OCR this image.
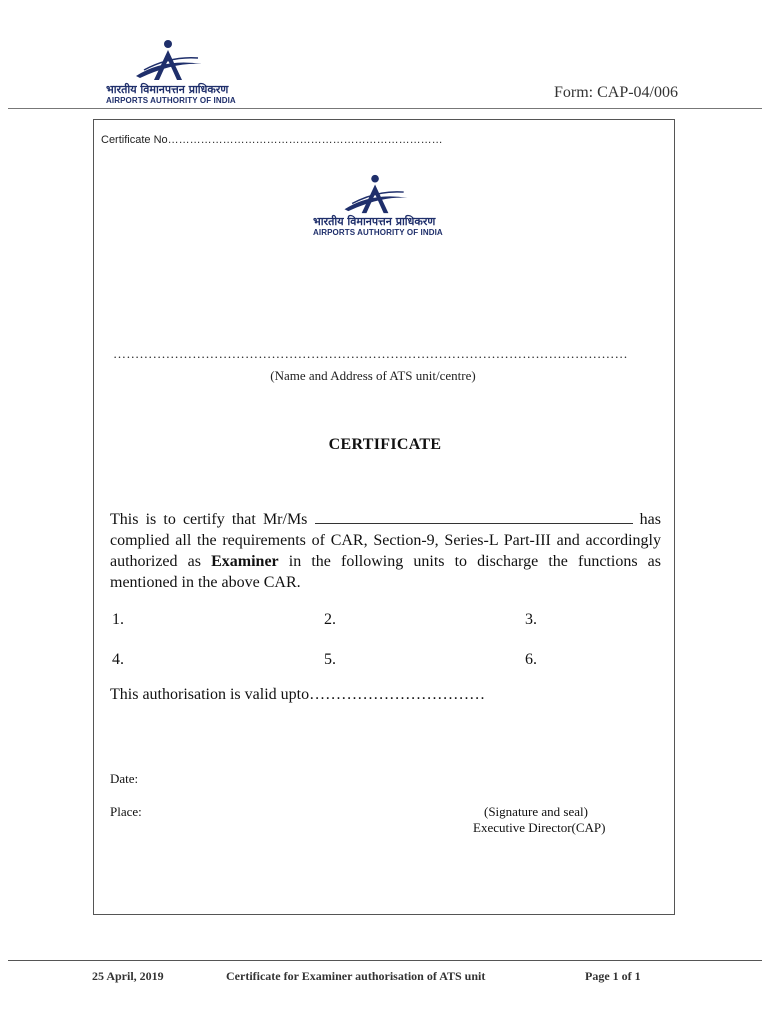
भारतीय विमानपत्तन प्राधिकरण
AIRPORTS AUTHORITY OF INDIA	Form: CAP-04/006
Certificate No…………………………………………………………………
भारतीय विमानपत्तन प्राधिकरण
AIRPORTS AUTHORITY OF INDIA
………………………………………………………………………………………………………
(Name and Address of ATS unit/centre)
CERTIFICATE
This is to certify that Mr/Ms	has complied all the requirements of CAR, Section-9, Series-L Part-III and accordingly authorized as Examiner in the following units to discharge the functions as mentioned in the above CAR.
1.	2.	3.
4.	5.	6.
This authorisation is valid upto……………………………
Date:
Place:	(Signature and seal)
Executive Director(CAP)
25 April, 2019	Certificate for Examiner authorisation of ATS unit	Page 1 of 1
